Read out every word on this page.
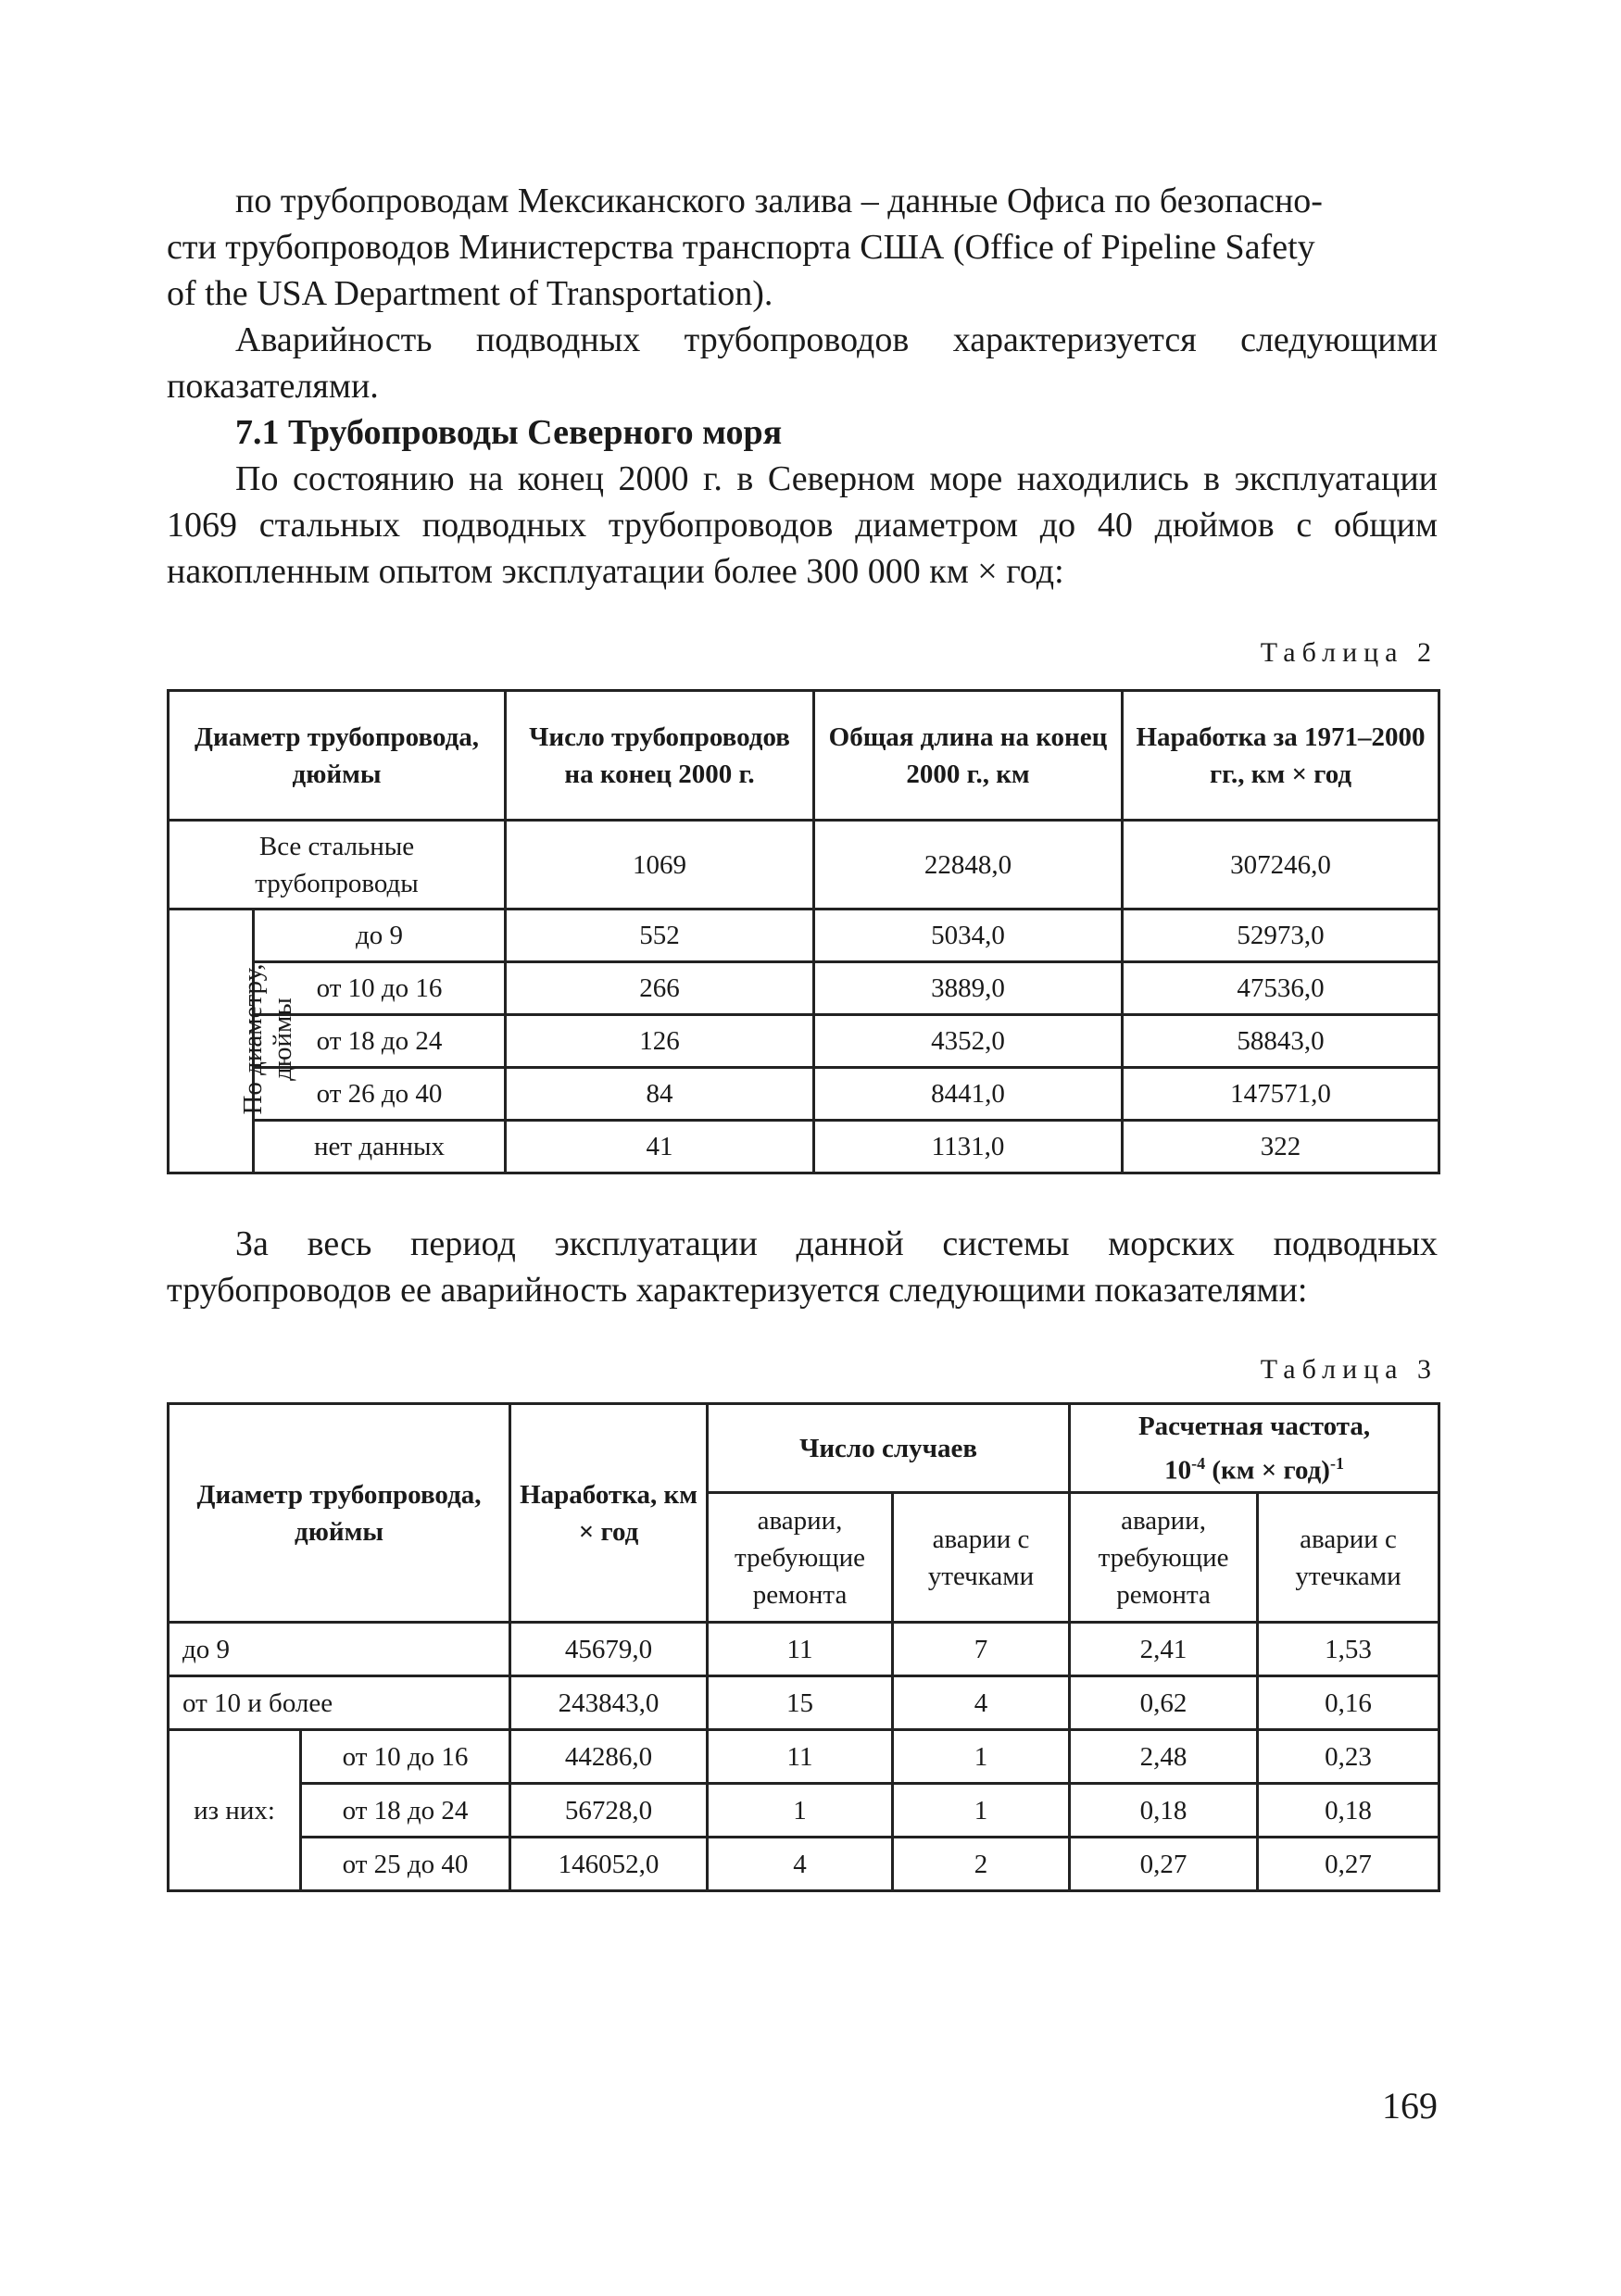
по трубопроводам Мексиканского залива – данные Офиса по безопасно-
сти трубопроводов Министерства транспорта США (Office of Pipeline Safety
of the USA Department of Transportation).

Аварийность подводных трубопроводов характеризуется следующими показателями.

7.1 Трубопроводы Северного моря

По состоянию на конец 2000 г. в Северном море находились в эксплуатации 1069 стальных подводных трубопроводов диаметром до 40 дюймов с общим накопленным опытом эксплуатации более 300 000 км × год:

Таблица 2
Диаметр трубопровода, дюймы		Число трубопроводов на конец 2000 г.	Общая длина на конец 2000 г., км	Наработка за 1971–2000 гг., км × год
Все стальные трубопроводы		1069	22848,0	307246,0
По диаметру, дюймы	до 9	552	5034,0	52973,0
	от 10 до 16	266	3889,0	47536,0
	от 18 до 24	126	4352,0	58843,0
	от 26 до 40	84	8441,0	147571,0
	нет данных	41	1131,0	322

За весь период эксплуатации данной системы морских подводных трубопроводов ее аварийность характеризуется следующими показателями:

Таблица 3
Диаметр трубопровода, дюймы		Наработка, км × год	Число случаев		Расчетная частота,
$10^{-4}$ (км × год)$^{-1}$
			аварии, требующие ремонта	аварии с утечками	аварии, требующие ремонта	аварии с утечками
до 9		45679,0	11	7	2,41	1,53
от 10 и более		243843,0	15	4	0,62	0,16
из них:	от 10 до 16	44286,0	11	1	2,48	0,23
	от 18 до 24	56728,0	1	1	0,18	0,18
	от 25 до 40	146052,0	4	2	0,27	0,27
169
